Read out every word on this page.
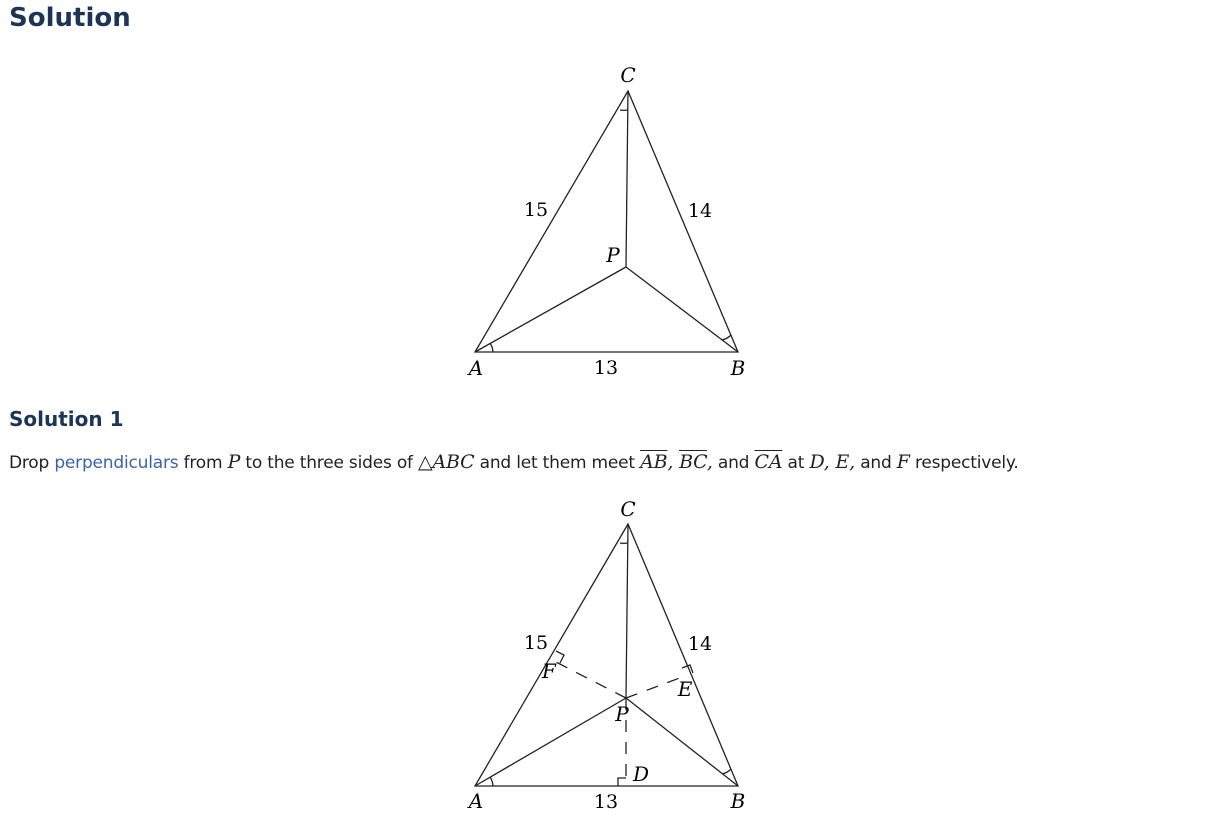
Solution
C
P
A	B
15	14
13
Solution 1

Drop perpendiculars from P to the three sides of △ABC and let them meet $\overline{AB}$, $\overline{BC}$, and $\overline{CA}$ at D, E, and F respectively.

C
F
E
P
D
A	B
15	14
13
